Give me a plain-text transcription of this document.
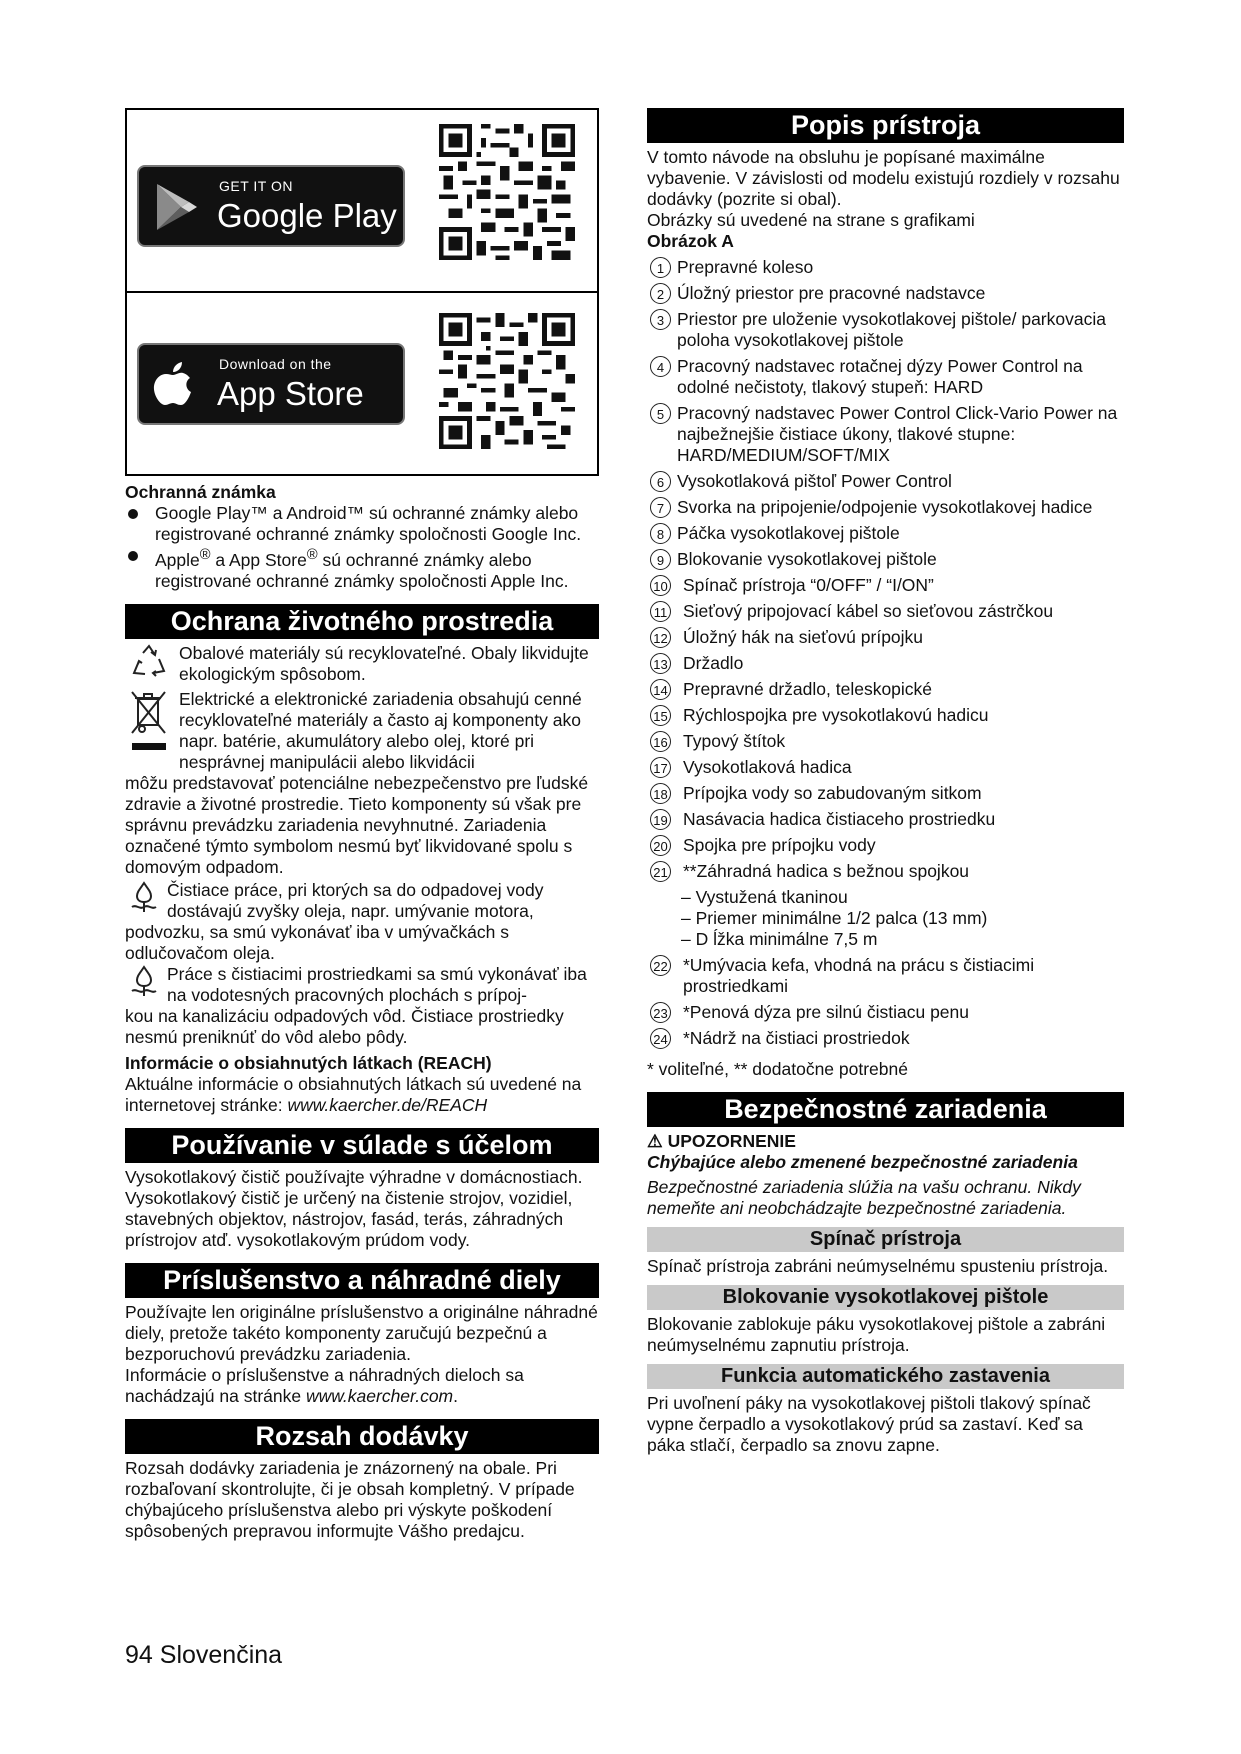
GET IT ON
Google Play
Download on the
App Store

Ochranná známka

Google Play™ a Android™ sú ochranné známky alebo registrované ochranné známky spoločnosti Google Inc.
Apple® a App Store® sú ochranné známky alebo registrované ochranné známky spoločnosti Apple Inc.
Ochrana životného prostredia
Obalové materiály sú recyklovateľné. Obaly likvidujte ekologickým spôsobom.
Elektrické a elektronické zariadenia obsahujú cenné recyklovateľné materiály a často aj komponenty ako napr. batérie, akumulátory alebo olej, ktoré pri nesprávnej manipulácii alebo likvidácii

môžu predstavovať potenciálne nebezpečenstvo pre ľudské zdravie a životné prostredie. Tieto komponenty sú však pre správnu prevádzku zariadenia nevyhnutné. Zariadenia označené týmto symbolom nesmú byť likvidované spolu s domovým odpadom.

Čistiace práce, pri ktorých sa do odpadovej vody dostávajú zvyšky oleja, napr. umývanie motora,

podvozku, sa smú vykonávať iba v umývačkách s odlučovačom oleja.

Práce s čistiacimi prostriedkami sa smú vykonávať iba na vodotesných pracovných plochách s prípoj-

kou na kanalizáciu odpadových vôd. Čistiace prostriedky nesmú preniknúť do vôd alebo pôdy.

Informácie o obsiahnutých látkach (REACH)

Aktuálne informácie o obsiahnutých látkach sú uvedené na internetovej stránke: www.kaercher.de/REACH

Používanie v súlade s účelom

Vysokotlakový čistič používajte výhradne v domácnostiach.

Vysokotlakový čistič je určený na čistenie strojov, vozidiel, stavebných objektov, nástrojov, fasád, terás, záhradných prístrojov atď. vysokotlakovým prúdom vody.

Príslušenstvo a náhradné diely

Používajte len originálne príslušenstvo a originálne náhradné diely, pretože takéto komponenty zaručujú bezpečnú a bezporuchovú prevádzku zariadenia.

Informácie o príslušenstve a náhradných dieloch sa nachádzajú na stránke www.kaercher.com.

Rozsah dodávky

Rozsah dodávky zariadenia je znázornený na obale. Pri rozbaľovaní skontrolujte, či je obsah kompletný. V prípade chýbajúceho príslušenstva alebo pri výskyte poškodení spôsobených prepravou informujte Vášho predajcu.

Popis prístroja

V tomto návode na obsluhu je popísané maximálne vybavenie. V závislosti od modelu existujú rozdiely v rozsahu dodávky (pozrite si obal).

Obrázky sú uvedené na strane s grafikami

Obrázok A

1 Prepravné koleso
2 Úložný priestor pre pracovné nadstavce
3 Priestor pre uloženie vysokotlakovej pištole/ parkovacia poloha vysokotlakovej pištole
4 Pracovný nadstavec rotačnej dýzy Power Control na odolné nečistoty, tlakový stupeň: HARD
5 Pracovný nadstavec Power Control Click-Vario Power na najbežnejšie čistiace úkony, tlakové stupne: HARD/MEDIUM/SOFT/MIX
6 Vysokotlaková pištoľ Power Control
7 Svorka na pripojenie/odpojenie vysokotlakovej hadice
8 Páčka vysokotlakovej pištole
9 Blokovanie vysokotlakovej pištole
10 Spínač prístroja “0/OFF” / “I/ON”
11 Sieťový pripojovací kábel so sieťovou zástrčkou
12 Úložný hák na sieťovú prípojku
13 Držadlo
14 Prepravné držadlo, teleskopické
15 Rýchlospojka pre vysokotlakovú hadicu
16 Typový štítok
17 Vysokotlaková hadica
18 Prípojka vody so zabudovaným sitkom
19 Nasávacia hadica čistiaceho prostriedku
20 Spojka pre prípojku vody
21 **Záhradná hadica s bežnou spojkou

– Vystužená tkaninou

– Priemer minimálne 1/2 palca (13 mm)

– D ĺžka minimálne 7,5 m

22 *Umývacia kefa, vhodná na prácu s čistiacimi prostriedkami
23 *Penová dýza pre silnú čistiacu penu
24 *Nádrž na čistiaci prostriedok

* voliteľné, ** dodatočne potrebné

Bezpečnostné zariadenia

⚠ UPOZORNENIE

Chýbajúce alebo zmenené bezpečnostné zariadenia

Bezpečnostné zariadenia slúžia na vašu ochranu. Nikdy nemeňte ani neobchádzajte bezpečnostné zariadenia.

Spínač prístroja

Spínač prístroja zabráni neúmyselnému spusteniu prístroja.

Blokovanie vysokotlakovej pištole

Blokovanie zablokuje páku vysokotlakovej pištole a zabráni neúmyselnému zapnutiu prístroja.

Funkcia automatického zastavenia

Pri uvoľnení páky na vysokotlakovej pištoli tlakový spínač vypne čerpadlo a vysokotlakový prúd sa zastaví. Keď sa páka stlačí, čerpadlo sa znovu zapne.

94 Slovenčina
